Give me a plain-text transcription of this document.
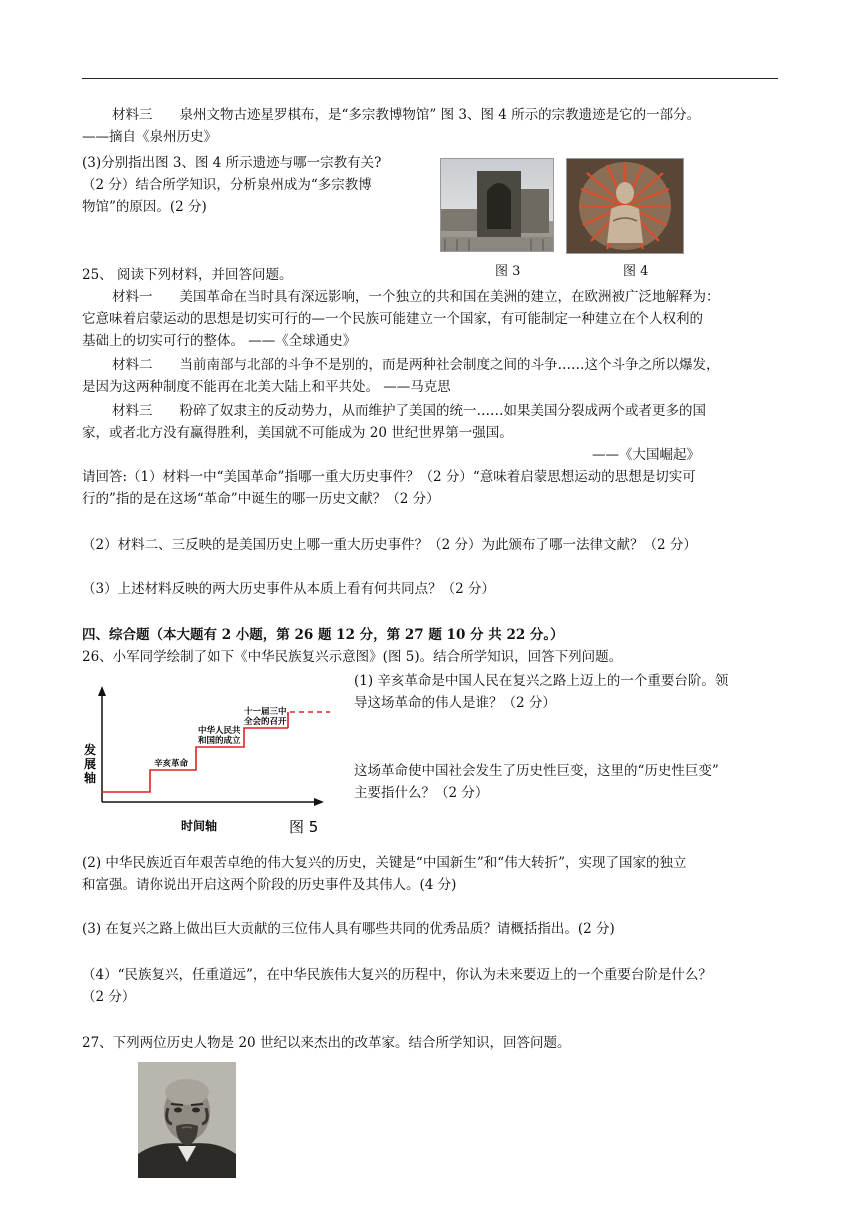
材料三　　泉州文物古迹星罗棋布，是“多宗教博物馆” 图 3、图 4 所示的宗教遗迹是它的一部分。
——摘自《泉州历史》
(3)分别指出图 3、图 4 所示遗迹与哪一宗教有关?
（2 分）结合所学知识，分析泉州成为“多宗教博
物馆”的原因。(2 分)
图 3	图 4
25、 阅读下列材料，并回答问题。
材料一　　美国革命在当时具有深远影响，一个独立的共和国在美洲的建立，在欧洲被广泛地解释为：
它意味着启蒙运动的思想是切实可行的—一个民族可能建立一个国家，有可能制定一种建立在个人权利的
基础上的切实可行的整体。 ——《全球通史》
材料二　　当前南部与北部的斗争不是别的，而是两种社会制度之间的斗争……这个斗争之所以爆发，
是因为这两种制度不能再在北美大陆上和平共处。 ——马克思
材料三　　粉碎了奴隶主的反动势力，从而维护了美国的统一……如果美国分裂成两个或者更多的国
家，或者北方没有赢得胜利，美国就不可能成为 20 世纪世界第一强国。
——《大国崛起》
请回答:（1）材料一中“美国革命”指哪一重大历史事件？（2 分）“意味着启蒙思想运动的思想是切实可
行的”指的是在这场“革命”中诞生的哪一历史文献？（2 分）
（2）材料二、三反映的是美国历史上哪一重大历史事件？（2 分）为此颁布了哪一法律文献？（2 分）
（3）上述材料反映的两大历史事件从本质上看有何共同点？（2 分）
四、综合题（本大题有 2 小题，第 26 题 12 分，第 27 题 10 分 共 22 分。）
26、小军同学绘制了如下《中华民族复兴示意图》(图 5)。结合所学知识，回答下列问题。
(1) 辛亥革命是中国人民在复兴之路上迈上的一个重要台阶。领
导这场革命的伟人是谁？（2 分）
这场革命使中国社会发生了历史性巨变，这里的“历史性巨变”
主要指什么？（2 分）
发
展
轴
时间轴	图 5
辛亥革命
中华人民共
和国的成立
十一届三中
全会的召开
(2) 中华民族近百年艰苦卓绝的伟大复兴的历史，关键是“中国新生”和“伟大转折”，实现了国家的独立
和富强。请你说出开启这两个阶段的历史事件及其伟人。(4 分)
(3) 在复兴之路上做出巨大贡献的三位伟人具有哪些共同的优秀品质？请概括指出。(2 分)
（4）“民族复兴，任重道远”，在中华民族伟大复兴的历程中，你认为未来要迈上的一个重要台阶是什么？
（2 分）
27、下列两位历史人物是 20 世纪以来杰出的改革家。结合所学知识，回答问题。
